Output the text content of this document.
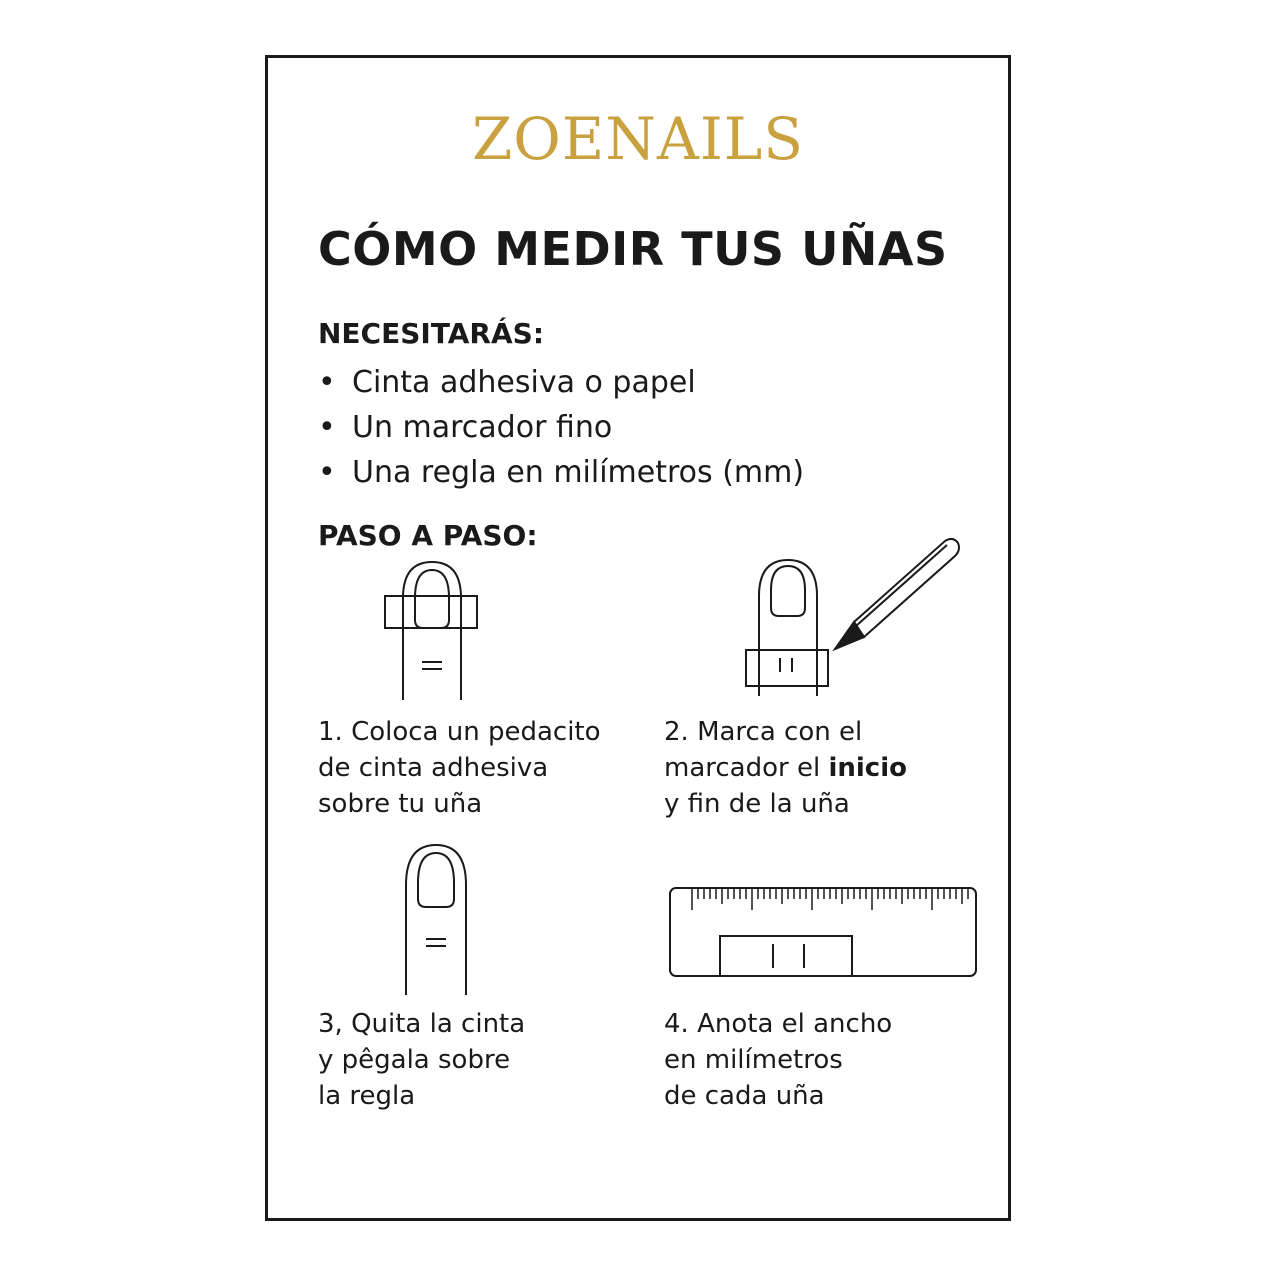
ZOENAILS
CÓMO MEDIR TUS UÑAS
NECESITARÁS:
• Cinta adhesiva o papel
• Un marcador fino
• Una regla en milímetros (mm)
PASO A PASO:
1. Coloca un pedacito
de cinta adhesiva
sobre tu uña
2. Marca con el
marcador el inicio
y fin de la uña
3, Quita la cinta
y pêgala sobre
la regla
4. Anota el ancho
en milímetros
de cada uña
